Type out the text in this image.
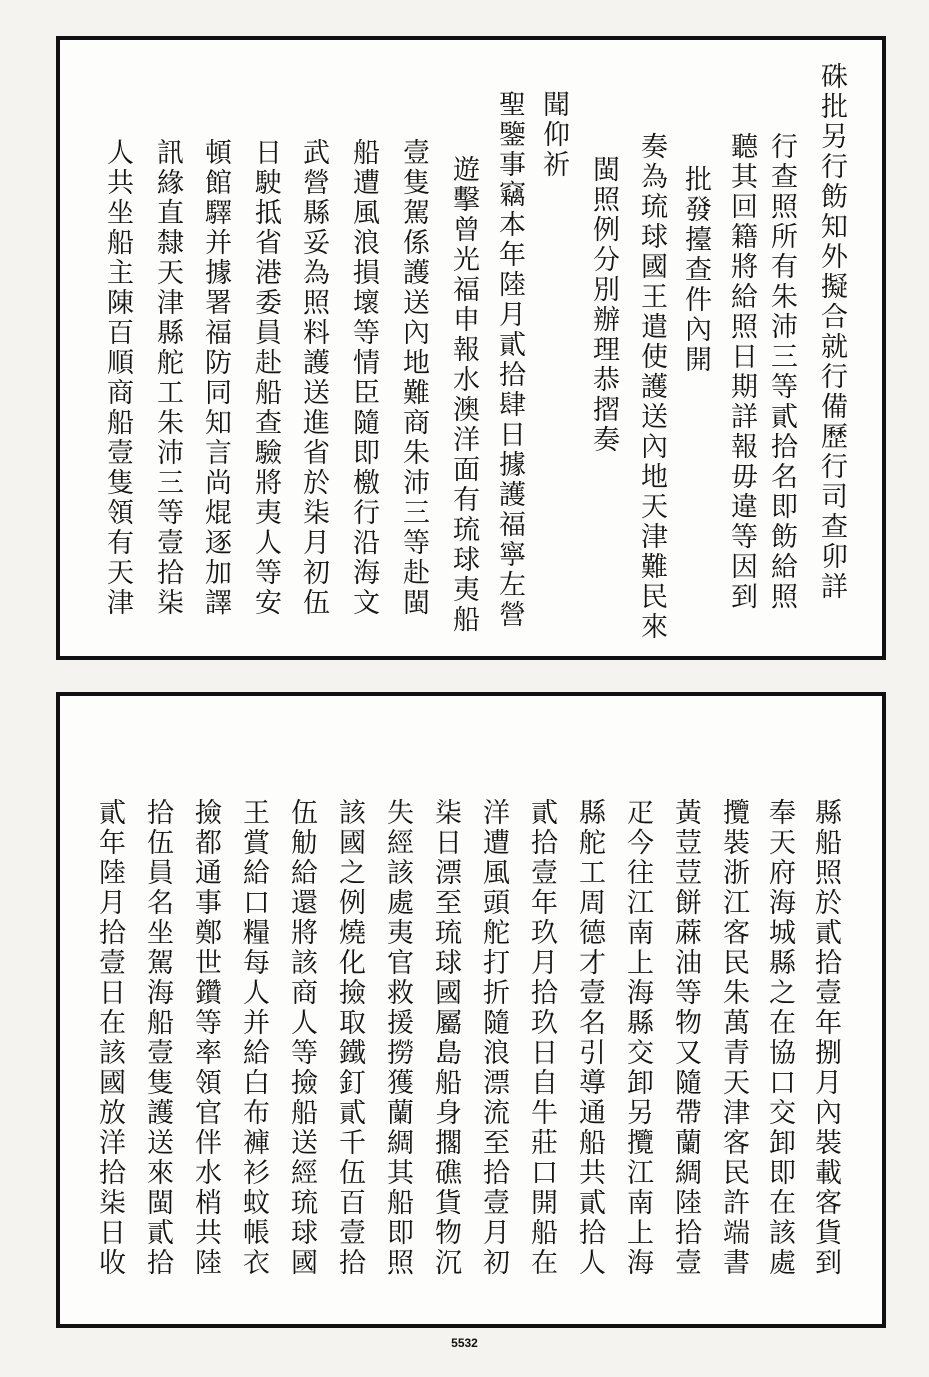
硃批另行飭知外擬合就行備歷行司查卯詳
行查照所有朱沛三等貳拾名即飭給照
聽其回籍將給照日期詳報毋違等因到
批發擡查件內開
奏為琉球國王遣使護送內地天津難民來
閩照例分別辦理恭摺奏
聞仰祈
聖鑒事竊本年陸月貳拾肆日據護福寧左營
遊擊曾光福申報水澳洋面有琉球夷船
壹隻駕係護送內地難商朱沛三等赴閩
船遭風浪損壞等情臣隨即檄行沿海文
武營縣妥為照料護送進省於柒月初伍
日駛抵省港委員赴船查驗將夷人等安
頓館驛并據署福防同知言尚焜逐加譯
訊緣直隸天津縣舵工朱沛三等壹拾柒
人共坐船主陳百順商船壹隻領有天津
縣船照於貳拾壹年捌月內裝載客貨到
奉天府海城縣之在協口交卸即在該處
攬裝浙江客民朱萬青天津客民許端書
黃荳荳餅蔴油等物又隨帶蘭綢陸拾壹
疋今往江南上海縣交卸另攬江南上海
縣舵工周德才壹名引導通船共貳拾人
貳拾壹年玖月拾玖日自牛莊口開船在
洋遭風頭舵打折隨浪漂流至拾壹月初
柒日漂至琉球國屬島船身擱礁貨物沉
失經該處夷官救援撈獲蘭綢其船即照
該國之例燒化撿取鐵釘貳千伍百壹拾
伍觔給還將該商人等撿船送經琉球國
王賞給口糧每人并給白布褲衫蚊帳衣
撿都通事鄭世鑽等率領官伴水梢共陸
拾伍員名坐駕海船壹隻護送來閩貳拾
貳年陸月拾壹日在該國放洋拾柒日收
5532
